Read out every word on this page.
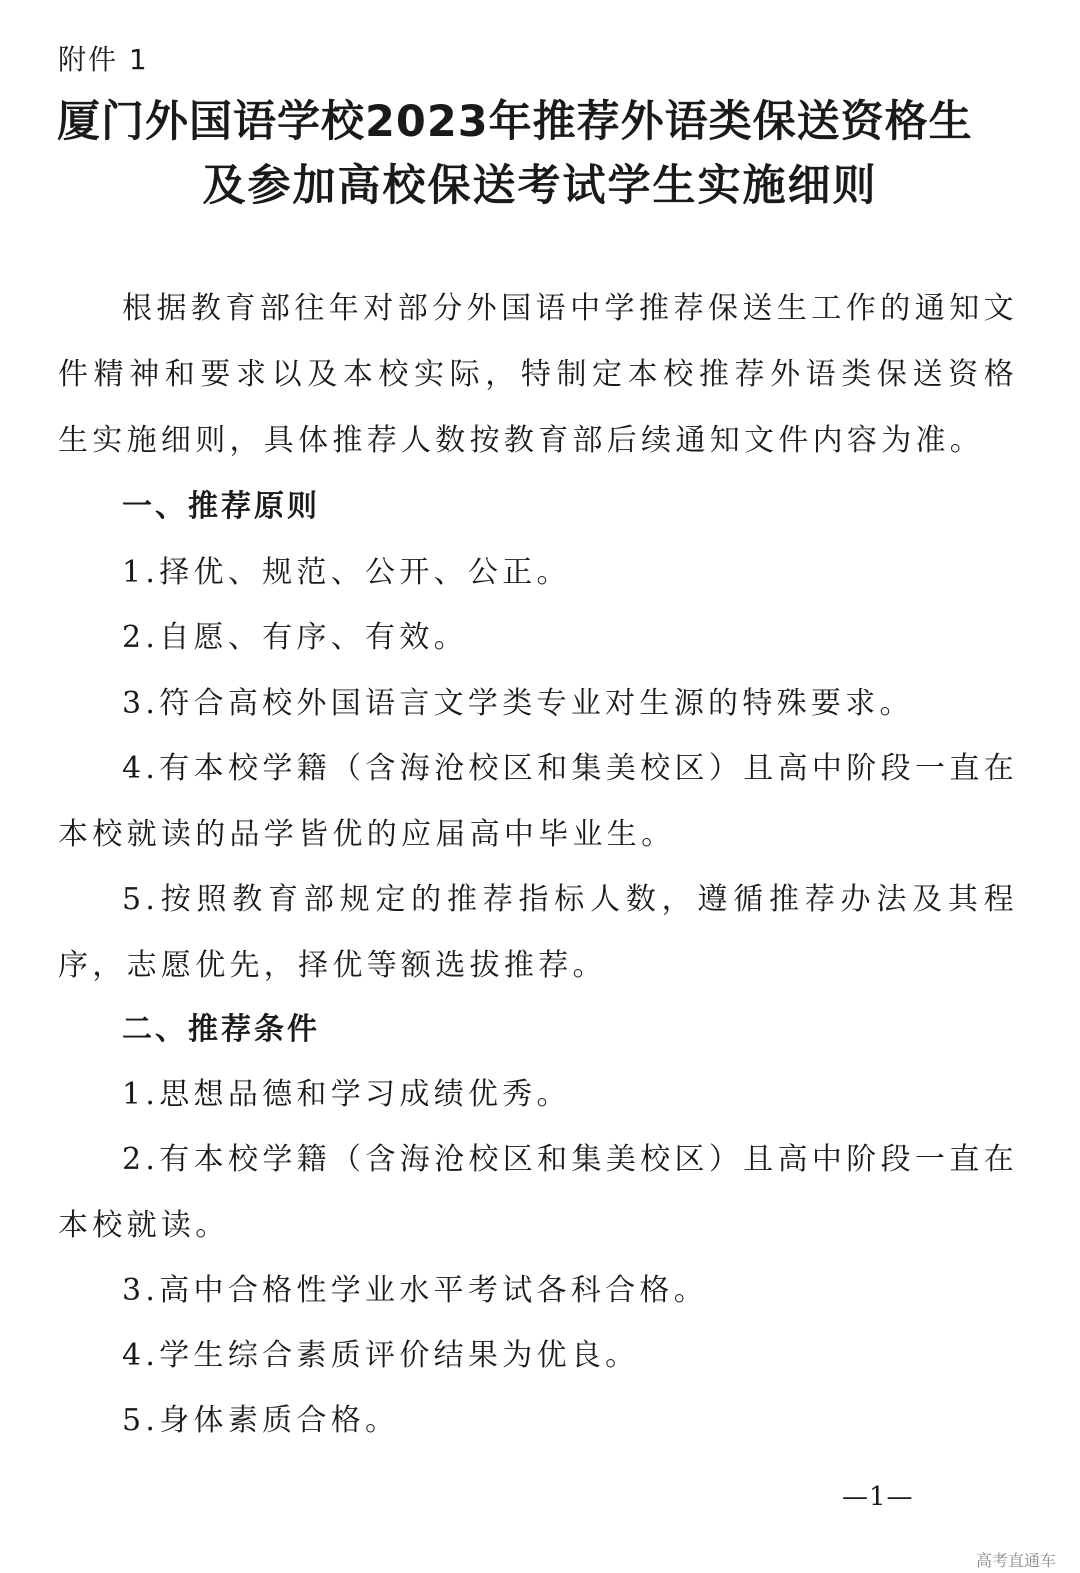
附件 1
厦门外国语学校2023年推荐外语类保送资格生
及参加高校保送考试学生实施细则
根据教育部往年对部分外国语中学推荐保送生工作的通知文件精神和要求以及本校实际，特制定本校推荐外语类保送资格生实施细则，具体推荐人数按教育部后续通知文件内容为准。
一、推荐原则
1.择优、规范、公开、公正。
2.自愿、有序、有效。
3.符合高校外国语言文学类专业对生源的特殊要求。
4.有本校学籍（含海沧校区和集美校区）且高中阶段一直在本校就读的品学皆优的应届高中毕业生。
5.按照教育部规定的推荐指标人数，遵循推荐办法及其程序，志愿优先，择优等额选拔推荐。
二、推荐条件
1.思想品德和学习成绩优秀。
2.有本校学籍（含海沧校区和集美校区）且高中阶段一直在本校就读。
3.高中合格性学业水平考试各科合格。
4.学生综合素质评价结果为优良。
5.身体素质合格。
—1—
高考直通车
